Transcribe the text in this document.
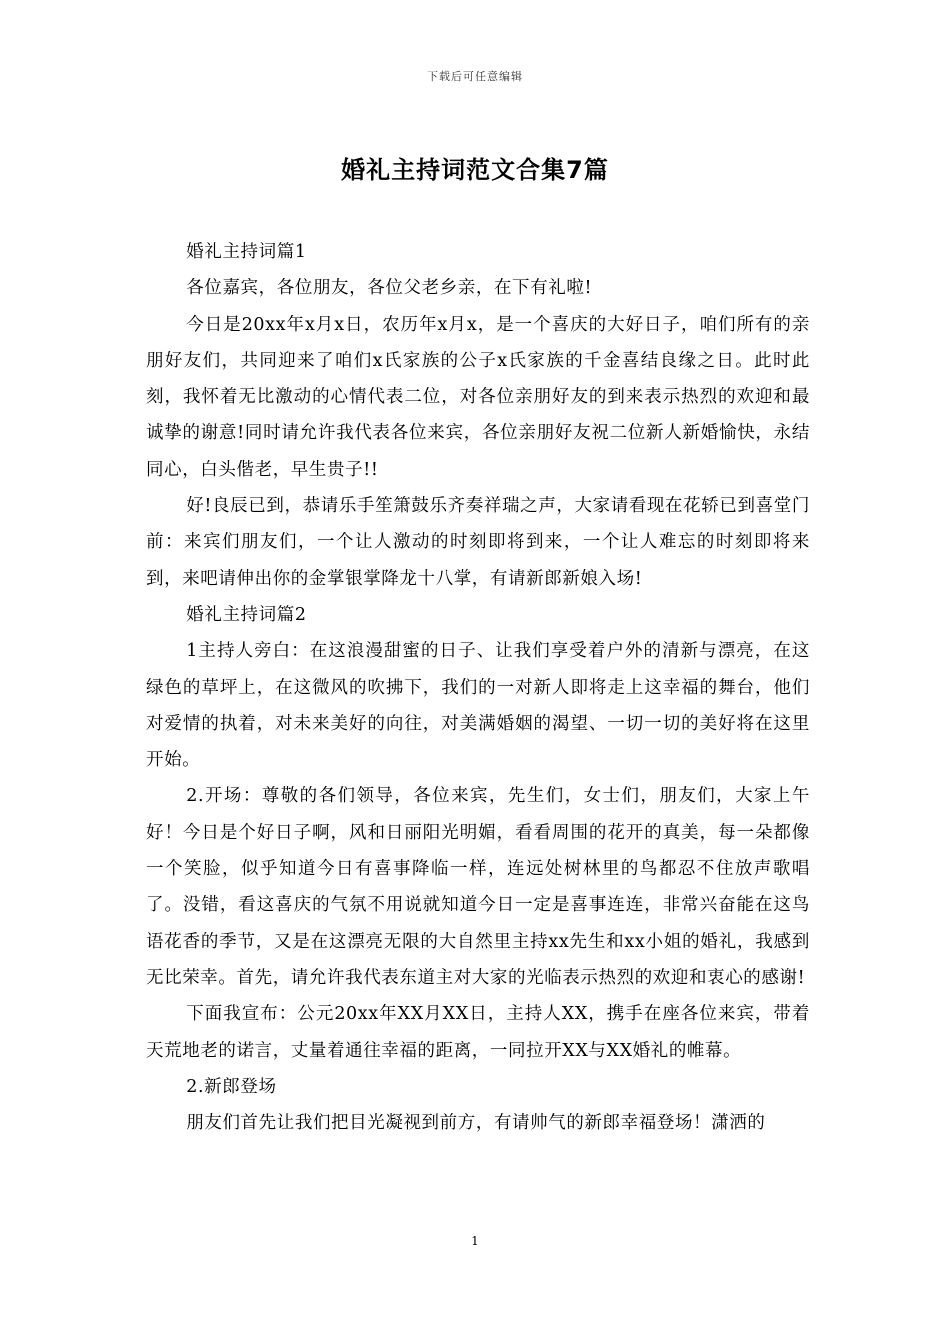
下载后可任意编辑
婚礼主持词范文合集7篇

婚礼主持词篇1

各位嘉宾，各位朋友，各位父老乡亲，在下有礼啦!

今日是20xx年x月x日，农历年x月x，是一个喜庆的大好日子，咱们所有的亲朋好友们，共同迎来了咱们x氏家族的公子x氏家族的千金喜结良缘之日。此时此刻，我怀着无比激动的心情代表二位，对各位亲朋好友的到来表示热烈的欢迎和最诚挚的谢意!同时请允许我代表各位来宾，各位亲朋好友祝二位新人新婚愉快，永结同心，白头偕老，早生贵子!!

好!良辰已到，恭请乐手笙箫鼓乐齐奏祥瑞之声，大家请看现在花轿已到喜堂门前：来宾们朋友们，一个让人激动的时刻即将到来，一个让人难忘的时刻即将来到，来吧请伸出你的金掌银掌降龙十八掌，有请新郎新娘入场!

婚礼主持词篇2

1主持人旁白：在这浪漫甜蜜的日子、让我们享受着户外的清新与漂亮，在这绿色的草坪上，在这微风的吹拂下，我们的一对新人即将走上这幸福的舞台，他们对爱情的执着，对未来美好的向往，对美满婚姻的渴望、一切一切的美好将在这里开始。

2.开场：尊敬的各们领导，各位来宾，先生们，女士们，朋友们，大家上午好！今日是个好日子啊，风和日丽阳光明媚，看看周围的花开的真美，每一朵都像一个笑脸，似乎知道今日有喜事降临一样，连远处树林里的鸟都忍不住放声歌唱了。没错，看这喜庆的气氛不用说就知道今日一定是喜事连连，非常兴奋能在这鸟语花香的季节，又是在这漂亮无限的大自然里主持xx先生和xx小姐的婚礼，我感到无比荣幸。首先，请允许我代表东道主对大家的光临表示热烈的欢迎和衷心的感谢!

下面我宣布：公元20xx年XX月XX日，主持人XX，携手在座各位来宾，带着天荒地老的诺言，丈量着通往幸福的距离，一同拉开XX与XX婚礼的帷幕。

2.新郎登场

朋友们首先让我们把目光凝视到前方，有请帅气的新郎幸福登场！潇洒的

1
